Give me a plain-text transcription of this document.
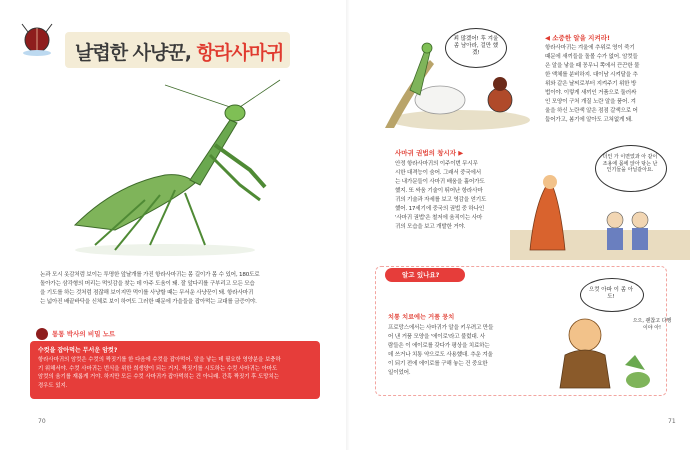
날렵한 사냥꾼, 항라사마귀
논과 모시 옷감처럼 보이는 투명한 앞날개를 가진 항라사마귀는 몸 길이가 몸 수 있어, 180도로
돌아가는 삼각형의 머리는 먹잇감을 찾는 데 아주 도움이 돼. 잘 앞다리를 구부리고 모든 모습
을 기도를 하는 것처럼 점잖해 보이지만 먹이를 사냥할 때는 무서운 사냥꾼이 돼. 항라사마귀
는 넓아진 배끝바닥을 신체로 보이 하여도 그러한 때문에 가을들을 잡아먹는 교대를 금증이야.
통통 박사의 비밀 노트
수컷을 잡아먹는 무서운 암컷?
항라사마귀의 암컷은 수컷의 짝짓기를 한 다음에 수컷을 잡아먹어. 알을 낳는 데 필요한 영양분을 보충하
기 위해서야. 수컷 사마귀는 번식을 위한 희생양이 되는 거지. 짝짓기를 시도하는 수컷 사마귀는 아마도
암컷의 움기를 재롭게 거야. 하지만 모든 수컷 사마귀가 잡아먹히는 건 아니래. 간혹 짝짓기 후 도망치는
경우도 있지.
70
꾀 많겠어! 후 겨울 좀 남아라, 걸만 했겠!
◀ 소중한 알을 지켜라!
항라사마귀는 겨울에 추위로 영이 죽기
때문에 새끼들을 돌볼 수가 없어. 암컷들
은 알을 낳을 때 꽁무니 쪽에서 끈끈한 물
한 액체를 분비하지. 대이남 시켜달을 추
위와 같은 날씨로부터 지켜주기 위한 방
법이야. 이렇게 새끼인 거품으로 둘러싸
인 모양이 구처 개질 노란 알을 품어. 겨
울을 하신 노란색 알은 점점 갈색으로 어
둡어가고, 봄기에 알아도 고쳐없게 돼.
사마귀 권법의 창시자 ▶
안정 항라사마귀의 이주이번 무시무
시한 대격능이 숨어. 그래서 중국에서
는 내가문들이 사마귀 배움을 흘어가도
했지. 또 싸움 기술이 뛰어난 항라사마
귀의 기술과 자세를 보고 영감을 얻기도
했어. 17세기에 중국의 권법 중 하나인
'사마귀 권법'은 철저에 움직이는 사마
귀의 모습을 보고 개발한 거야.
더인 가 이면었과 아 같이 조용에 몸에 앉아 닦는 난 인기들을 아닐같아요.
알고 있나요?
치통 치료에는 거품 뭉치
프로망스에서는 사마귀가 알을 키우려고 만들
어 낸 거품 모양을 '에이로'라고 불렀대. 사
람들은 이 에이로를 갖다가 평상을 치료하는
데 쓰거나 치통 약으로도 사용했대. 추운 겨울
이 되기 전에 에이로를 구해 놓는 건 중요한
일이었어.
으컷 아파 이 좀 아도!
으으, 괜찮고 다행이야 아!
71
